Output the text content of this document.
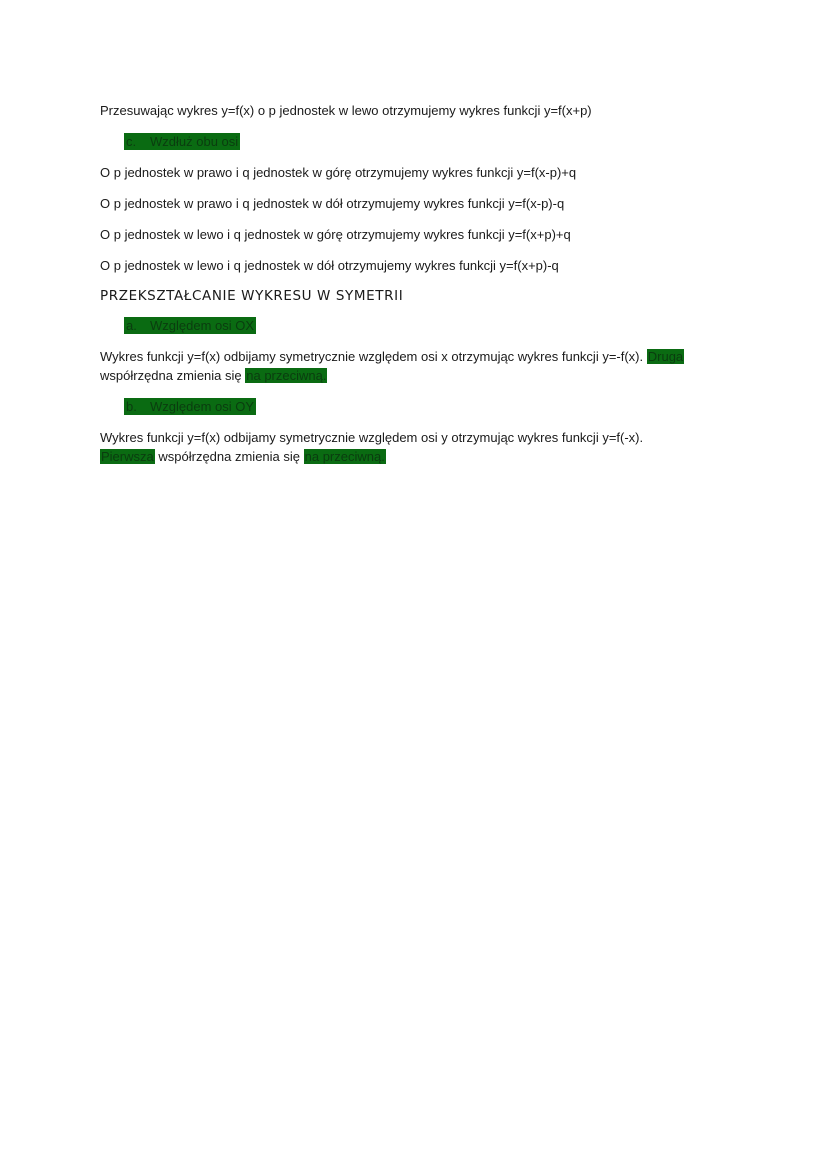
Przesuwając wykres y=f(x) o p jednostek w lewo otrzymujemy wykres funkcji y=f(x+p)

c. Wzdłuż obu osi

O p jednostek w prawo i q jednostek w górę otrzymujemy wykres funkcji y=f(x-p)+q

O p jednostek w prawo i q jednostek w dół otrzymujemy wykres funkcji y=f(x-p)-q

O p jednostek w lewo i q jednostek w górę otrzymujemy wykres funkcji y=f(x+p)+q

O p jednostek w lewo i q jednostek w dół otrzymujemy wykres funkcji y=f(x+p)-q

PRZEKSZTAŁCANIE WYKRESU W SYMETRII
a. Względem osi OX

Wykres funkcji y=f(x) odbijamy symetrycznie względem osi x otrzymując wykres funkcji y=-f(x). Druga
współrzędna zmienia się na przeciwną.

b. Względem osi OY

Wykres funkcji y=f(x) odbijamy symetrycznie względem osi y otrzymując wykres funkcji y=f(-x).
Pierwsza współrzędna zmienia się na przeciwną.
